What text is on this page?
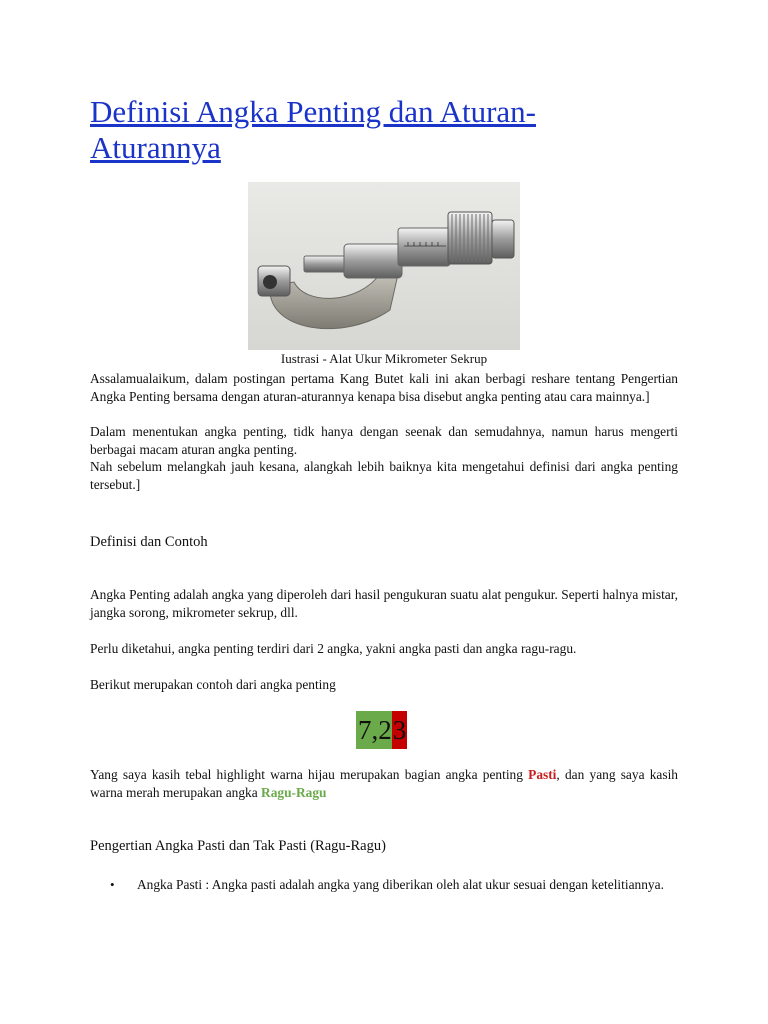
Definisi Angka Penting dan Aturan-Aturannya
Iustrasi - Alat Ukur Mikrometer Sekrup

Assalamualaikum, dalam postingan pertama Kang Butet kali ini akan berbagi reshare tentang Pengertian Angka Penting bersama dengan aturan-aturannya kenapa bisa disebut angka penting atau cara mainnya.]

Dalam menentukan angka penting, tidk hanya dengan seenak dan semudahnya, namun harus mengerti berbagai macam aturan angka penting.

Nah sebelum melangkah jauh kesana, alangkah lebih baiknya kita mengetahui definisi dari angka penting tersebut.]

Definisi dan Contoh

Angka Penting adalah angka yang diperoleh dari hasil pengukuran suatu alat pengukur. Seperti halnya mistar, jangka sorong, mikrometer sekrup, dll.

Perlu diketahui, angka penting terdiri dari 2 angka, yakni angka pasti dan angka ragu-ragu.

Berikut merupakan contoh dari angka penting

7,2 3

Yang saya kasih tebal highlight warna hijau merupakan bagian angka penting Pasti, dan yang saya kasih warna merah merupakan angka Ragu-Ragu

Pengertian Angka Pasti dan Tak Pasti (Ragu-Ragu)
• Angka Pasti : Angka pasti adalah angka yang diberikan oleh alat ukur sesuai dengan ketelitiannya.
